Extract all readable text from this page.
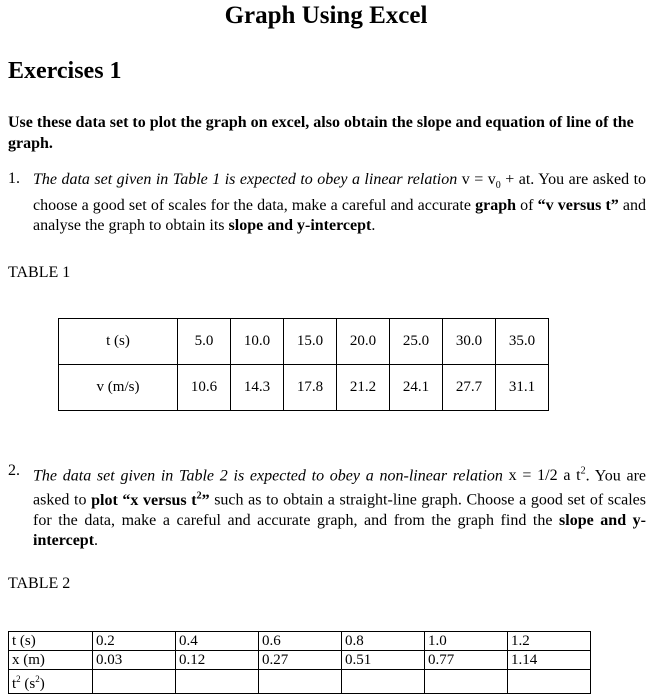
Graph Using Excel
Exercises 1
Use these data set to plot the graph on excel, also obtain the slope and equation of line of the graph.
1. The data set given in Table 1 is expected to obey a linear relation $v = v_0$ + at. You are asked to choose a good set of scales for the data, make a careful and accurate graph of “v versus t” and analyse the graph to obtain its slope and y-intercept.
TABLE 1
t (s)	5.0	10.0	15.0	20.0	25.0	30.0	35.0
v (m/s)	10.6	14.3	17.8	21.2	24.1	27.7	31.1
2. The data set given in Table 2 is expected to obey a non-linear relation x = 1/2 a $t^2$. You are asked to plot “x versus $t^2$” such as to obtain a straight-line graph. Choose a good set of scales for the data, make a careful and accurate graph, and from the graph find the slope and y-intercept.
TABLE 2
t (s)	0.2	0.4	0.6	0.8	1.0	1.2
x (m)	0.03	0.12	0.27	0.51	0.77	1.14
$t^2$ $(s^2)$						
